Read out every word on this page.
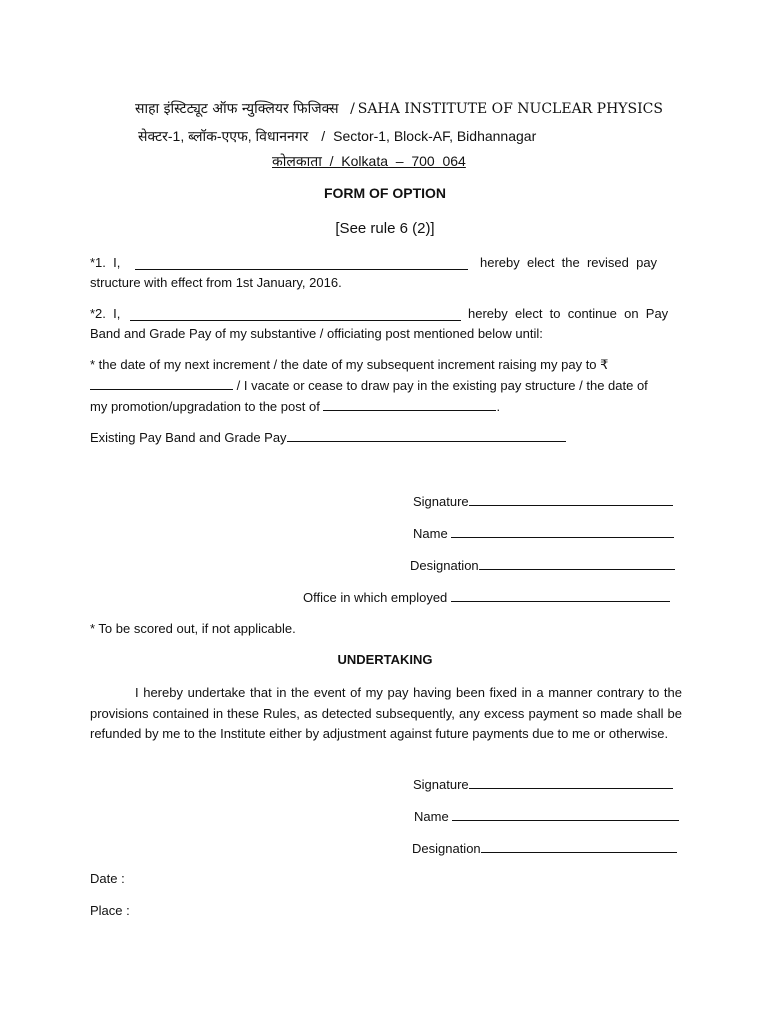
साहा इंस्टिट्यूट ऑफ न्युक्लियर फिजिक्स / SAHA INSTITUTE OF NUCLEAR PHYSICS
सेक्टर-1, ब्लॉक-एएफ, विधाननगर / Sector-1, Block-AF, Bidhannagar
कोलकाता  /  Kolkata  –  700  064
FORM OF OPTION
[See rule 6 (2)]
*1.  I,	hereby  elect  the  revised  pay
structure with effect from 1st January, 2016.
*2.  I,	hereby  elect  to  continue  on  Pay
Band and Grade Pay of my substantive / officiating post mentioned below until:
* the date of my next increment / the date of my subsequent increment raising my pay to ₹
/ I vacate or cease to draw pay in the existing pay structure / the date of
my promotion/upgradation to the post of	.
Existing Pay Band and Grade Pay
Signature
Name
Designation
Office in which employed
* To be scored out, if not applicable.
UNDERTAKING

I hereby undertake that in the event of my pay having been fixed in a manner contrary to the provisions contained in these Rules, as detected subsequently, any excess payment so made shall be refunded by me to the Institute either by adjustment against future payments due to me or otherwise.

Signature
Name
Designation
Date :
Place :
